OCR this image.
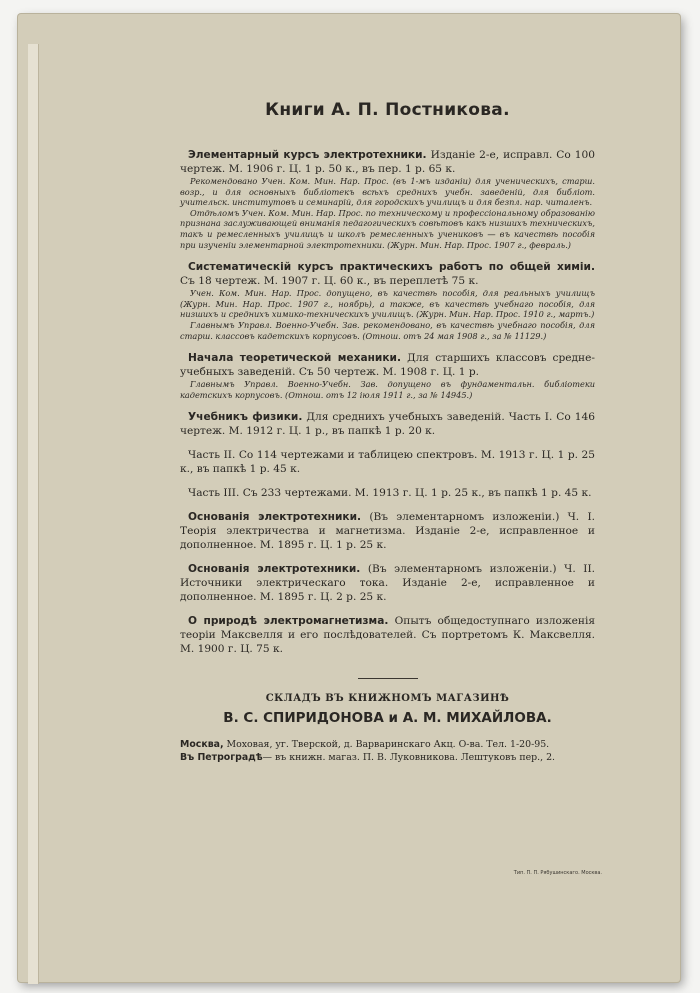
Книги А. П. Постникова.

Элементарный курсъ электротехники. Изданіе 2-е, исправл. Со 100 чертеж. М. 1906 г. Ц. 1 р. 50 к., въ пер. 1 р. 65 к.

Рекомендовано Учен. Ком. Мин. Нар. Прос. (въ 1-мъ изданіи) для ученическихъ, старш. возр., и для основныхъ библіотекъ всѣхъ среднихъ учебн. заведеній, для библіот. учительск. институтовъ и семинарій, для городскихъ училищъ и для безпл. нар. читаленъ.

Отдѣломъ Учен. Ком. Мин. Нар. Прос. по техническому и профессіональному образованію признана заслуживающей вниманія педагогическихъ совѣтовъ какъ низшихъ техническихъ, такъ и ремесленныхъ училищъ и школъ ремесленныхъ учениковъ — въ качествѣ пособія при изученіи элементарной электротехники. (Журн. Мин. Нар. Прос. 1907 г., февраль.)

Систематическій курсъ практическихъ работъ по общей химіи. Съ 18 чертеж. М. 1907 г. Ц. 60 к., въ переплетѣ 75 к.

Учен. Ком. Мин. Нар. Прос. допущено, въ качествѣ пособія, для реальныхъ училищъ (Журн. Мин. Нар. Прос. 1907 г., ноябрь), а также, въ качествѣ учебнаго пособія, для низшихъ и среднихъ химико-техническихъ училищъ. (Журн. Мин. Нар. Прос. 1910 г., мартъ.)

Главнымъ Управл. Военно-Учебн. Зав. рекомендовано, въ качествѣ учебнаго пособія, для старш. классовъ кадетскихъ корпусовъ. (Отнош. отъ 24 мая 1908 г., за № 11129.)

Начала теоретической механики. Для старшихъ классовъ средне-учебныхъ заведеній. Съ 50 чертеж. М. 1908 г. Ц. 1 р.

Главнымъ Управл. Военно-Учебн. Зав. допущено въ фундаментальн. библіотеки кадетскихъ корпусовъ. (Отнош. отъ 12 іюля 1911 г., за № 14945.)

Учебникъ физики. Для среднихъ учебныхъ заведеній. Часть I. Со 146 чертеж. М. 1912 г. Ц. 1 р., въ папкѣ 1 р. 20 к.

Часть II. Со 114 чертежами и таблицею спектровъ. М. 1913 г. Ц. 1 р. 25 к., въ папкѣ 1 р. 45 к.

Часть III. Съ 233 чертежами. М. 1913 г. Ц. 1 р. 25 к., въ папкѣ 1 р. 45 к.

Основанія электротехники. (Въ элементарномъ изложеніи.) Ч. I. Теорія электричества и магнетизма. Изданіе 2-е, исправленное и дополненное. М. 1895 г. Ц. 1 р. 25 к.

Основанія электротехники. (Въ элементарномъ изложеніи.) Ч. II. Источники электрическаго тока. Изданіе 2-е, исправленное и дополненное. М. 1895 г. Ц. 2 р. 25 к.

О природѣ электромагнетизма. Опытъ общедоступнаго изложенія теоріи Максвелля и его послѣдователей. Съ портретомъ К. Максвелля. М. 1900 г. Ц. 75 к.

СКЛАДЪ ВЪ КНИЖНОМЪ МАГАЗИНѢ

В. С. СПИРИДОНОВА и А. М. МИХАЙЛОВА.

Москва, Моховая, уг. Тверской, д. Варваринскаго Акц. О-ва. Тел. 1-20-95.

Въ Петроградѣ— въ книжн. магаз. П. В. Луковникова. Лештуковъ пер., 2.

Тип. П. П. Рябушинскаго. Москва.
